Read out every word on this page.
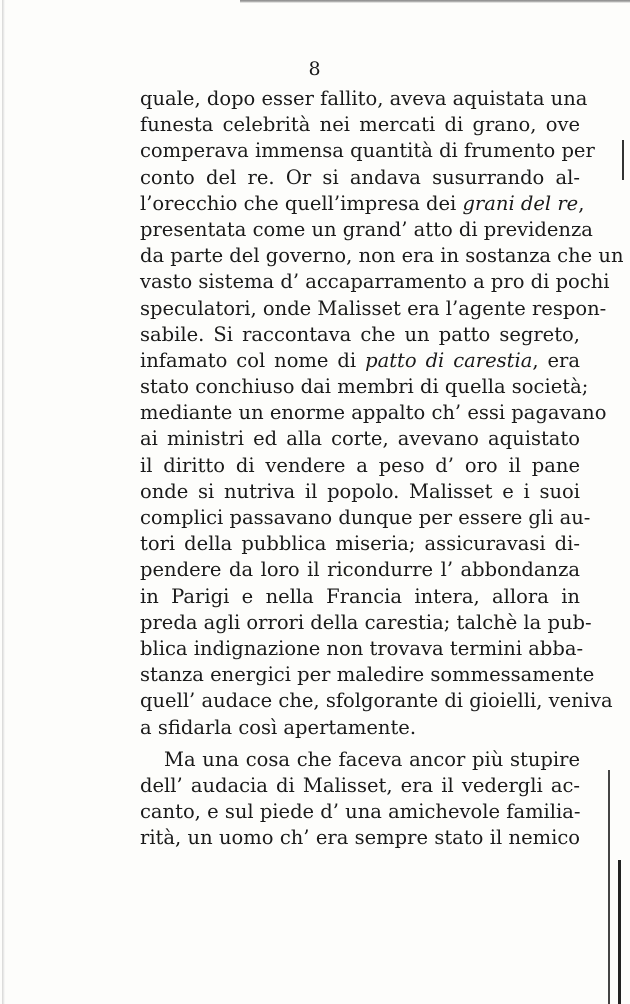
8
quale, dopo esser fallito, aveva aquistata una
funesta celebrità nei mercati di grano, ove
comperava immensa quantità di frumento per
conto del re. Or si andava susurrando al-
l’orecchio che quell’impresa dei grani del re,
presentata come un grand’ atto di previdenza
da parte del governo, non era in sostanza che un
vasto sistema d’ accaparramento a pro di pochi
speculatori, onde Malisset era l’agente respon-
sabile. Si raccontava che un patto segreto,
infamato col nome di patto di carestia, era
stato conchiuso dai membri di quella società;
mediante un enorme appalto ch’ essi pagavano
ai ministri ed alla corte, avevano aquistato
il diritto di vendere a peso d’ oro il pane
onde si nutriva il popolo. Malisset e i suoi
complici passavano dunque per essere gli au-
tori della pubblica miseria; assicuravasi di-
pendere da loro il ricondurre l’ abbondanza
in Parigi e nella Francia intera, allora in
preda agli orrori della carestia; talchè la pub-
blica indignazione non trovava termini abba-
stanza energici per maledire sommessamente
quell’ audace che, sfolgorante di gioielli, veniva
a sfidarla così apertamente.
Ma una cosa che faceva ancor più stupire
dell’ audacia di Malisset, era il vedergli ac-
canto, e sul piede d’ una amichevole familia-
rità, un uomo ch’ era sempre stato il nemico
